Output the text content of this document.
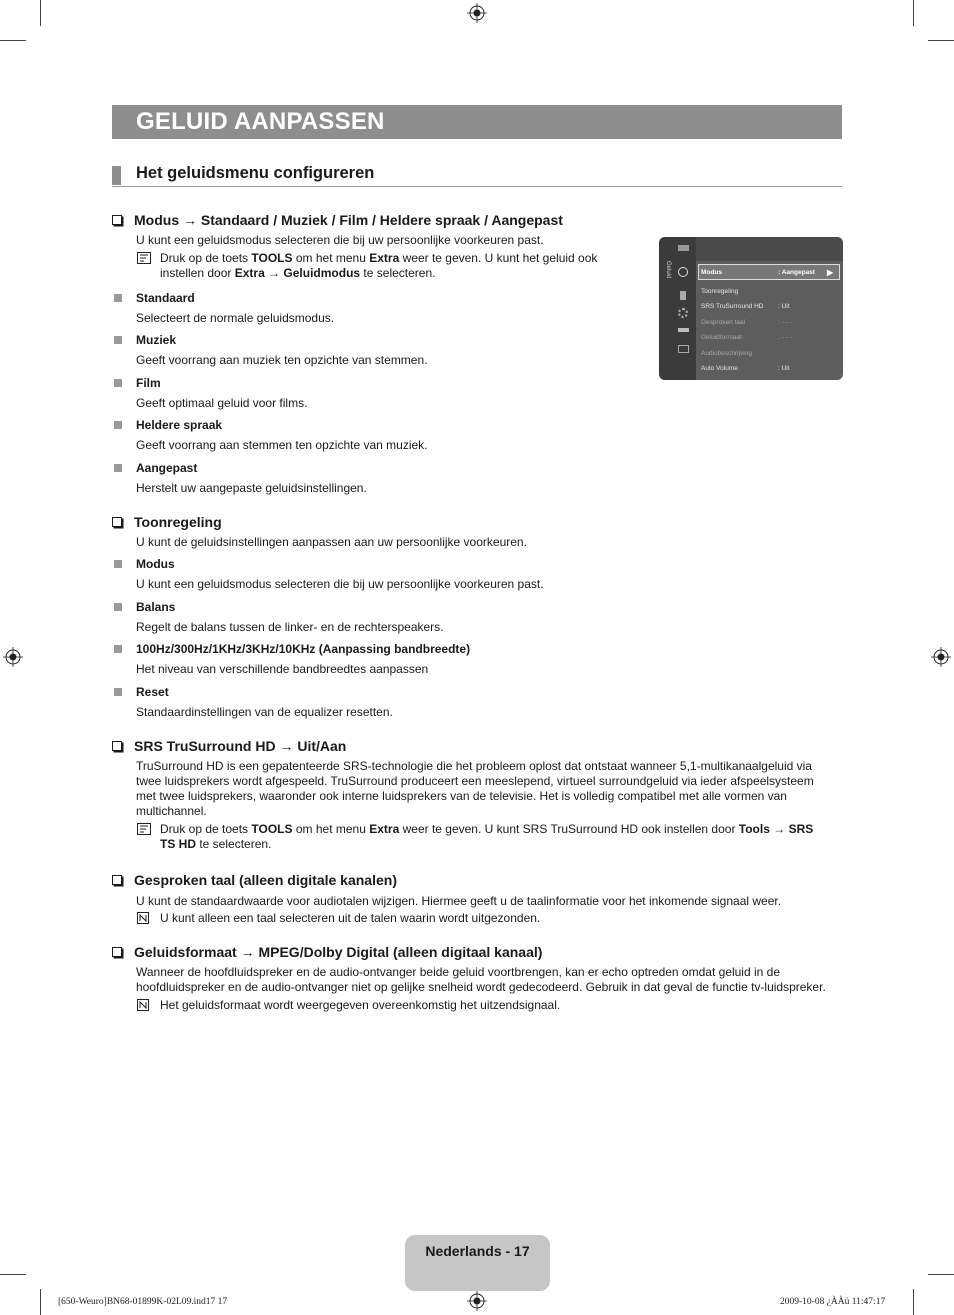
GELUID AANPASSEN
Het geluidsmenu configureren
Modus → Standaard / Muziek / Film / Heldere spraak / Aangepast
U kunt een geluidsmodus selecteren die bij uw persoonlijke voorkeuren past.
Druk op de toets TOOLS om het menu Extra weer te geven. U kunt het geluid ook
instellen door Extra → Geluidmodus te selecteren.
Standaard
Selecteert de normale geluidsmodus.
Muziek
Geeft voorrang aan muziek ten opzichte van stemmen.
Film
Geeft optimaal geluid voor films.
Heldere spraak
Geeft voorrang aan stemmen ten opzichte van muziek.
Aangepast
Herstelt uw aangepaste geluidsinstellingen.
Geluid	Modus	: Aangepast ▶
Toonregeling
SRS TruSurround HD : Uit
Gesproken taal	: - - -
Geluidformaat	: - - -
Audiobeschrijving
Auto Volume	: Uit
Toonregeling
U kunt de geluidsinstellingen aanpassen aan uw persoonlijke voorkeuren.
Modus
U kunt een geluidsmodus selecteren die bij uw persoonlijke voorkeuren past.
Balans
Regelt de balans tussen de linker- en de rechterspeakers.
100Hz/300Hz/1KHz/3KHz/10KHz (Aanpassing bandbreedte)
Het niveau van verschillende bandbreedtes aanpassen
Reset
Standaardinstellingen van de equalizer resetten.
SRS TruSurround HD → Uit/Aan
TruSurround HD is een gepatenteerde SRS-technologie die het probleem oplost dat ontstaat wanneer 5,1-multikanaalgeluid via
twee luidsprekers wordt afgespeeld. TruSurround produceert een meeslepend, virtueel surroundgeluid via ieder afspeelsysteem
met twee luidsprekers, waaronder ook interne luidsprekers van de televisie. Het is volledig compatibel met alle vormen van
multichannel.
Druk op de toets TOOLS om het menu Extra weer te geven. U kunt SRS TruSurround HD ook instellen door Tools → SRS
TS HD te selecteren.
Gesproken taal (alleen digitale kanalen)
U kunt de standaardwaarde voor audiotalen wijzigen. Hiermee geeft u de taalinformatie voor het inkomende signaal weer.
U kunt alleen een taal selecteren uit de talen waarin wordt uitgezonden.
Geluidsformaat → MPEG/Dolby Digital (alleen digitaal kanaal)
Wanneer de hoofdluidspreker en de audio-ontvanger beide geluid voortbrengen, kan er echo optreden omdat geluid in de
hoofdluidspreker en de audio-ontvanger niet op gelijke snelheid wordt gedecodeerd. Gebruik in dat geval de functie tv-luidspreker.
Het geluidsformaat wordt weergegeven overeenkomstig het uitzendsignaal.
Nederlands - 17
[650-Weuro]BN68-01899K-02L09.ind17 17	2009-10-08 ¿ÀÀü 11:47:17
